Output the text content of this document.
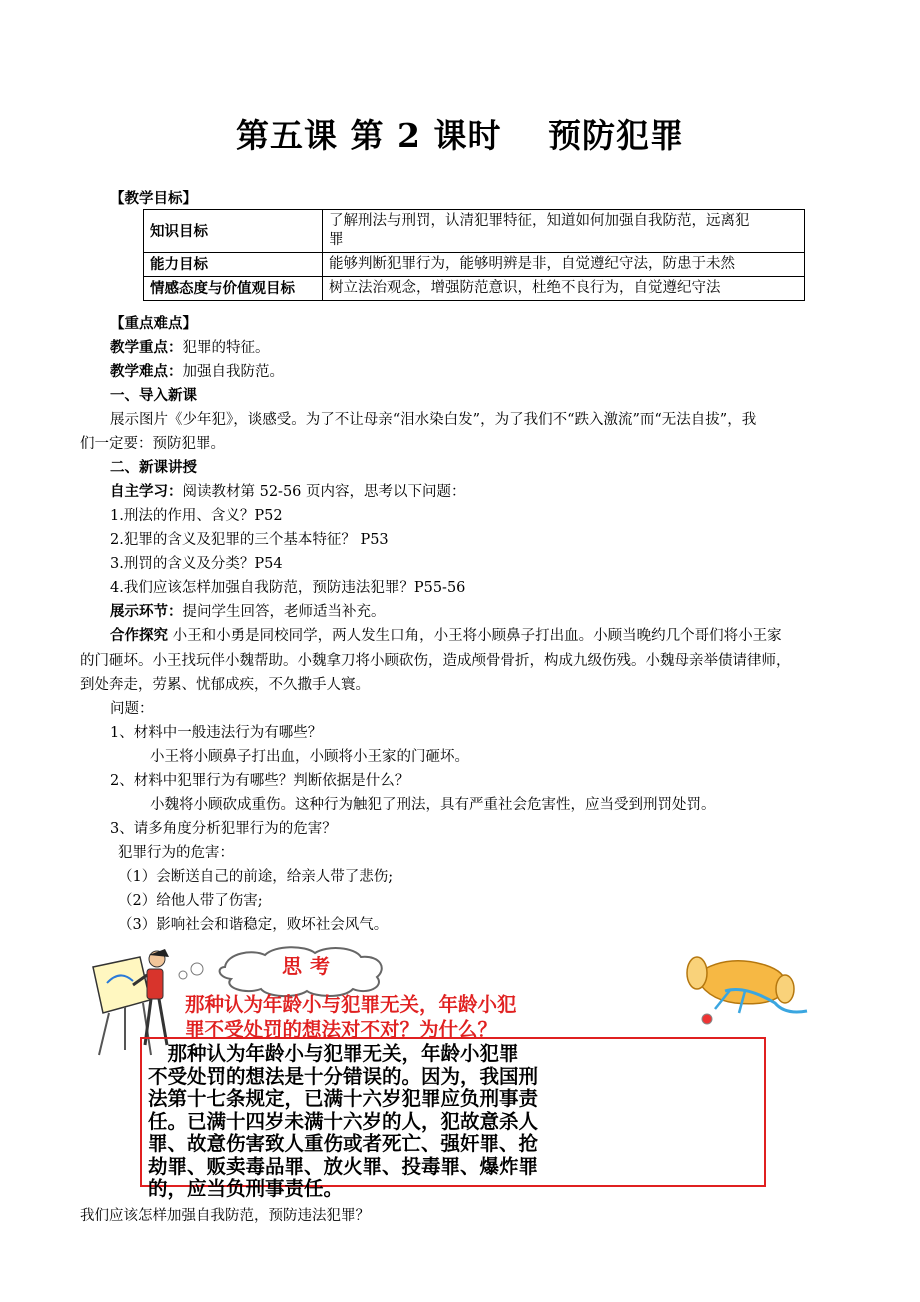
第五课 第 2 课时　 预防犯罪
【教学目标】
知识目标	了解刑法与刑罚，认清犯罪特征，知道如何加强自我防范，远离犯
罪

能力目标	能够判断犯罪行为，能够明辨是非，自觉遵纪守法，防患于未然
情感态度与价值观目标	树立法治观念，增强防范意识，杜绝不良行为，自觉遵纪守法
【重点难点】
教学重点：犯罪的特征。
教学难点：加强自我防范。
一、导入新课
展示图片《少年犯》，谈感受。为了不让母亲“泪水染白发”，为了我们不“跌入激流”而“无法自拔”，我
们一定要：预防犯罪。
二、新课讲授
自主学习：阅读教材第 52-56 页内容，思考以下问题：
1.刑法的作用、含义？P52
2.犯罪的含义及犯罪的三个基本特征？ P53
3.刑罚的含义及分类？P54
4.我们应该怎样加强自我防范，预防违法犯罪？P55-56
展示环节：提问学生回答，老师适当补充。
合作探究 小王和小勇是同校同学，两人发生口角，小王将小顾鼻子打出血。小顾当晚约几个哥们将小王家
的门砸坏。小王找玩伴小魏帮助。小魏拿刀将小顾砍伤，造成颅骨骨折，构成九级伤残。小魏母亲举债请律师，
到处奔走，劳累、忧郁成疾，不久撒手人寰。
问题：
1、材料中一般违法行为有哪些？
小王将小顾鼻子打出血，小顾将小王家的门砸坏。
2、材料中犯罪行为有哪些？判断依据是什么？
小魏将小顾砍成重伤。这种行为触犯了刑法，具有严重社会危害性，应当受到刑罚处罚。
3、请多角度分析犯罪行为的危害？
犯罪行为的危害：
（1）会断送自己的前途，给亲人带了悲伤;
（2）给他人带了伤害;
（3）影响社会和谐稳定，败坏社会风气。
思考
那种认为年龄小与犯罪无关，年龄小犯
罪不受处罚的想法对不对？为什么？
　那种认为年龄小与犯罪无关，年龄小犯罪
不受处罚的想法是十分错误的。因为，我国刑
法第十七条规定，已满十六岁犯罪应负刑事责
任。已满十四岁未满十六岁的人，犯故意杀人
罪、故意伤害致人重伤或者死亡、强奸罪、抢
劫罪、贩卖毒品罪、放火罪、投毒罪、爆炸罪
的，应当负刑事责任。
我们应该怎样加强自我防范，预防违法犯罪？
